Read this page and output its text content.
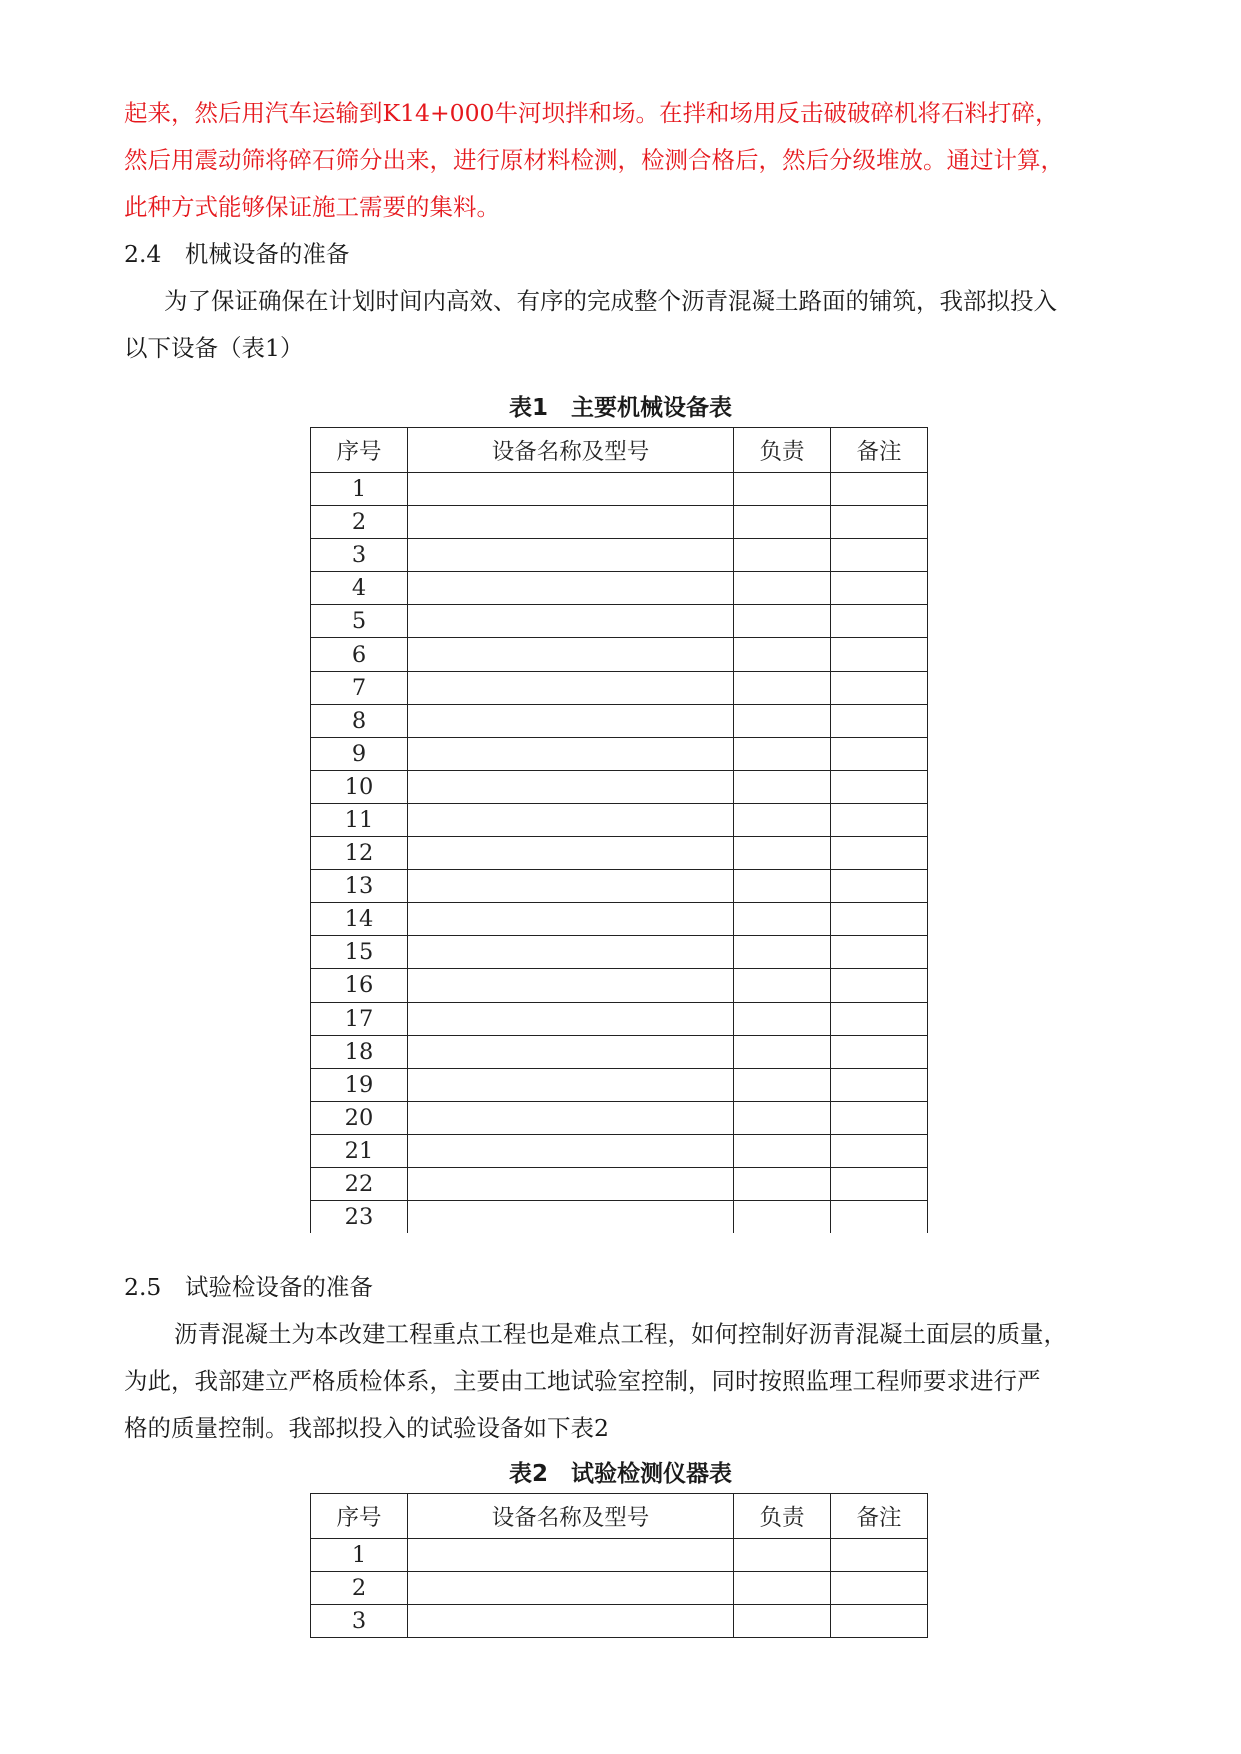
起来，然后用汽车运输到K14+000牛河坝拌和场。在拌和场用反击破破碎机将石料打碎，
然后用震动筛将碎石筛分出来，进行原材料检测，检测合格后，然后分级堆放。通过计算，
此种方式能够保证施工需要的集料。
2.4　机械设备的准备
为了保证确保在计划时间内高效、有序的完成整个沥青混凝土路面的铺筑，我部拟投入
以下设备（表1）
表1　主要机械设备表
序号	设备名称及型号	负责	备注
1			
2			
3			
4			
5			
6			
7			
8			
9			
10			
11			
12			
13			
14			
15			
16			
17			
18			
19			
20			
21			
22			
23			
2.5　试验检设备的准备
沥青混凝土为本改建工程重点工程也是难点工程，如何控制好沥青混凝土面层的质量，
为此，我部建立严格质检体系，主要由工地试验室控制，同时按照监理工程师要求进行严
格的质量控制。我部拟投入的试验设备如下表2
表2　试验检测仪器表
序号	设备名称及型号	负责	备注
1			
2			
3			
